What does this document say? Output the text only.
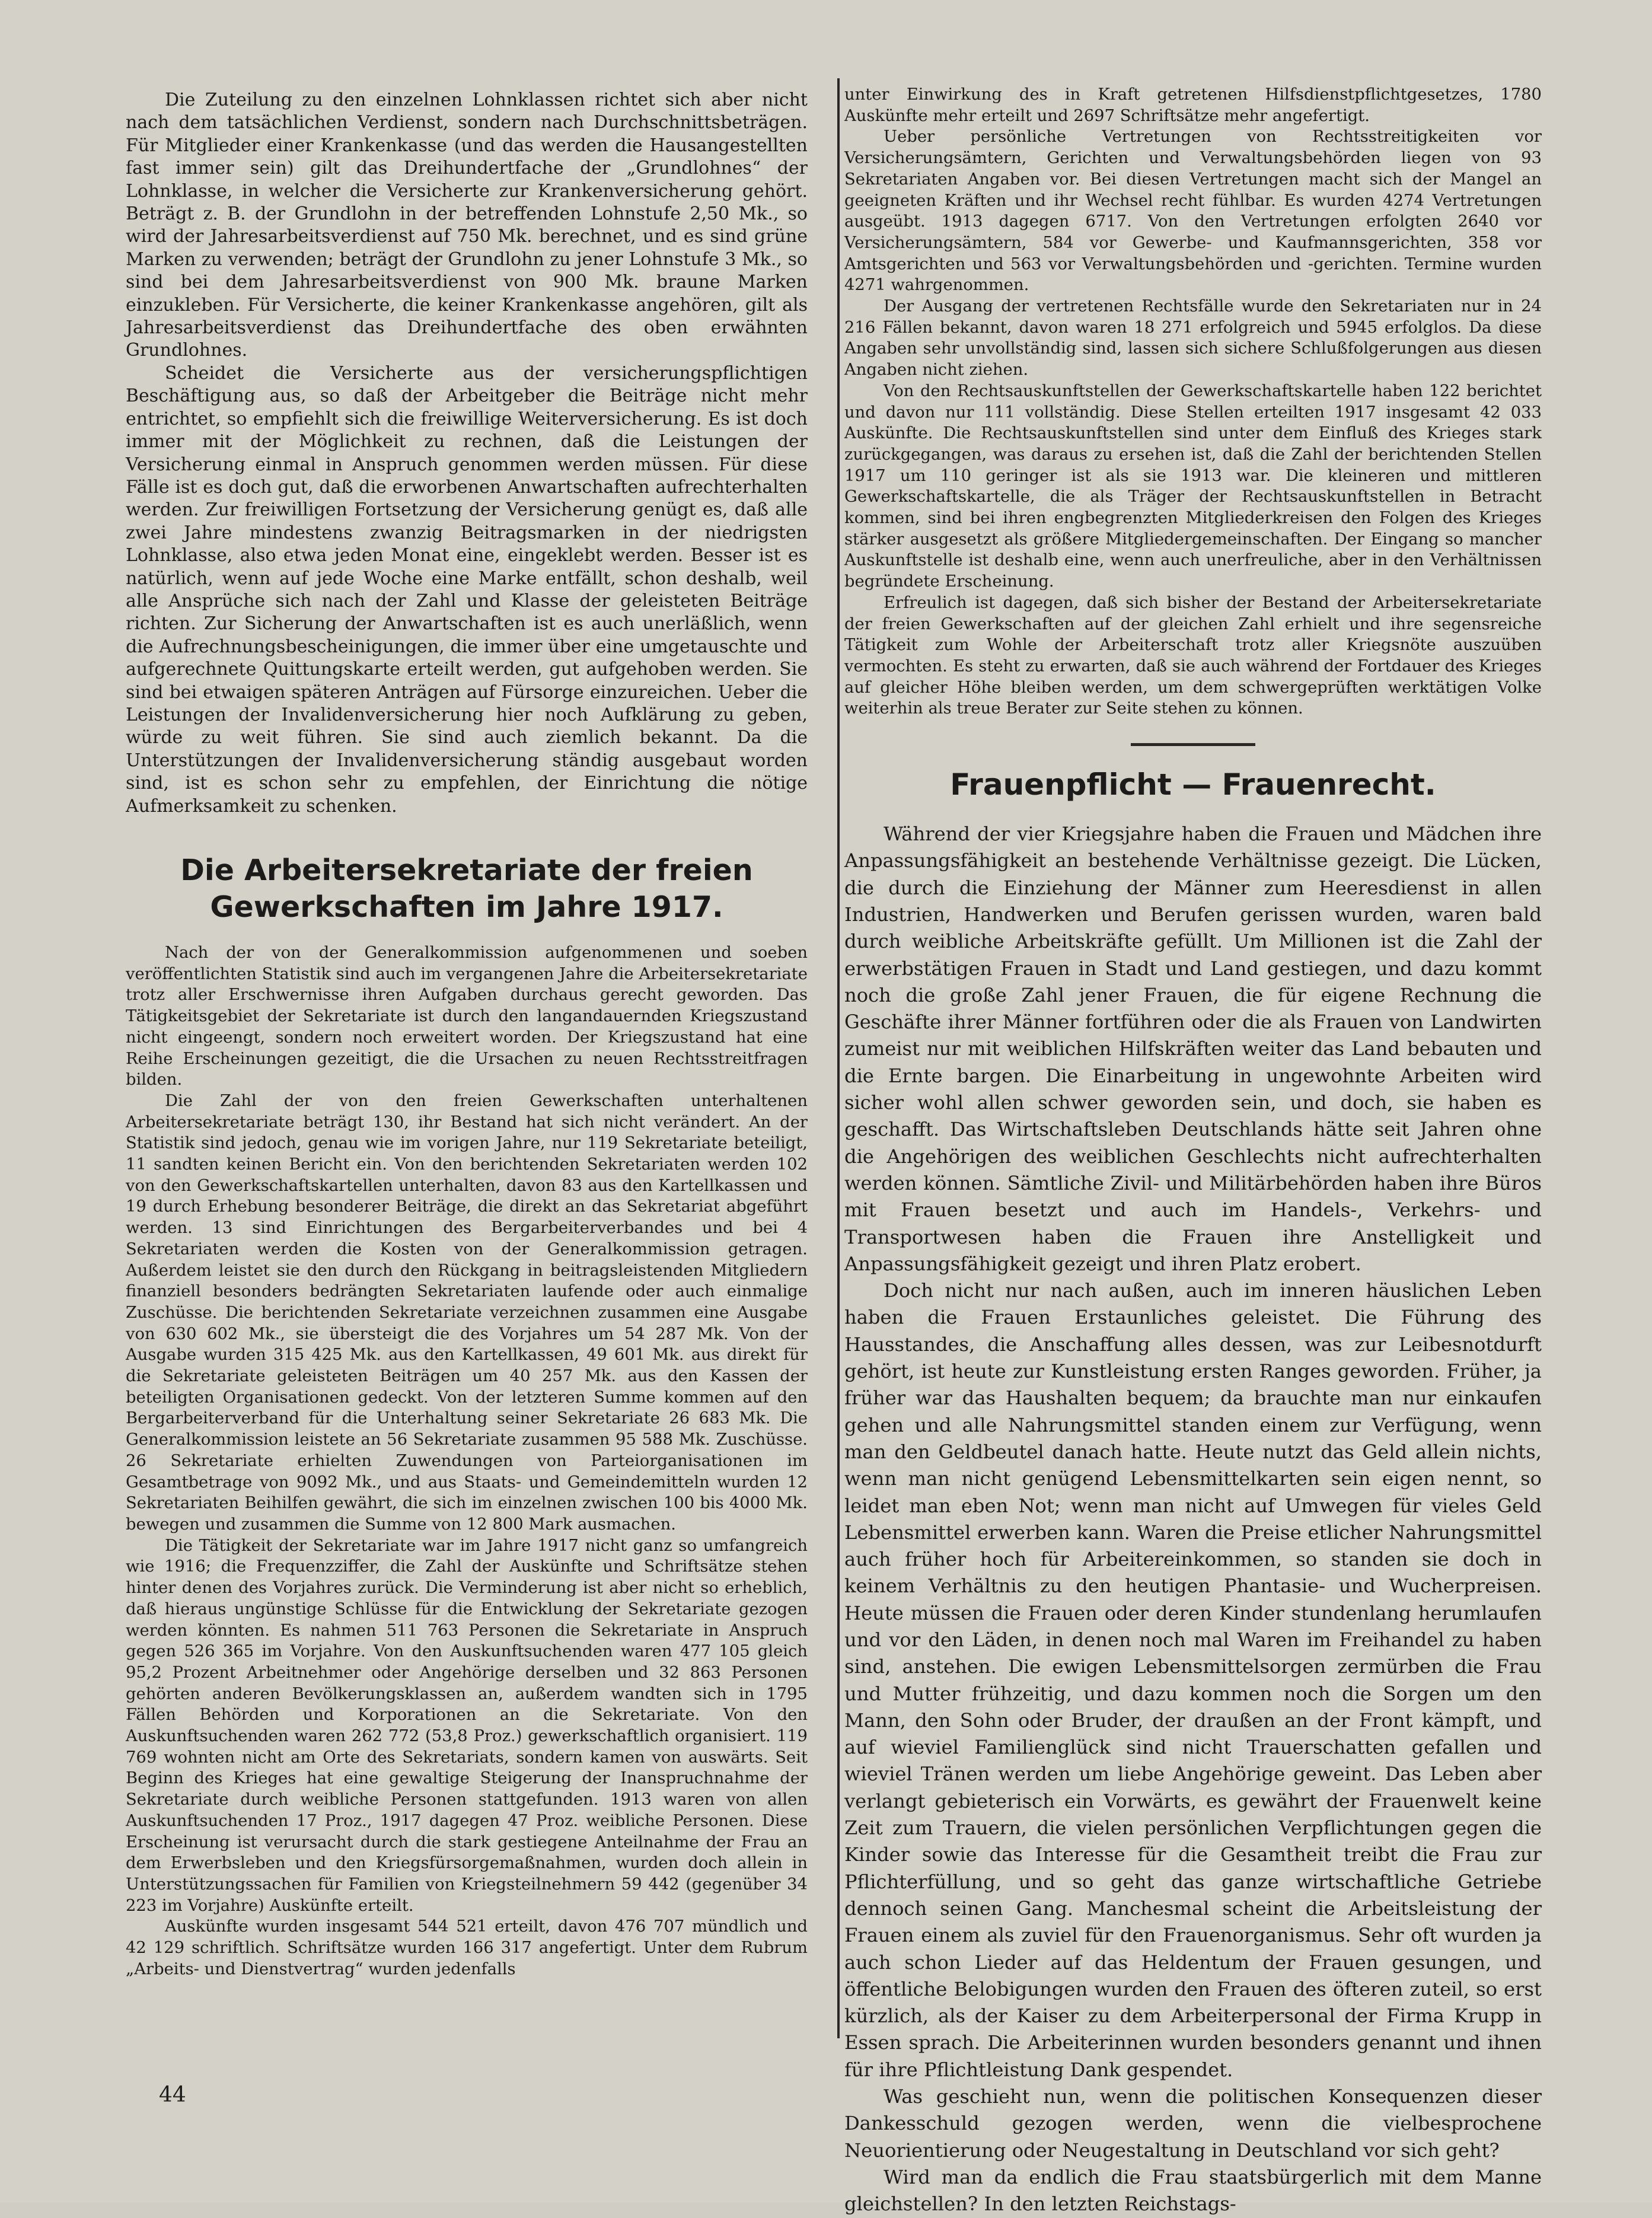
Die Zuteilung zu den einzelnen Lohnklassen richtet sich aber nicht nach dem tatsächlichen Verdienst, sondern nach Durchschnittsbeträgen. Für Mitglieder einer Krankenkasse (und das werden die Hausangestellten fast immer sein) gilt das Dreihundertfache der „Grundlohnes“ der Lohnklasse, in welcher die Versicherte zur Krankenversicherung gehört. Beträgt z. B. der Grundlohn in der betreffenden Lohnstufe 2,50 Mk., so wird der Jahresarbeitsverdienst auf 750 Mk. berechnet, und es sind grüne Marken zu verwenden; beträgt der Grundlohn zu jener Lohnstufe 3 Mk., so sind bei dem Jahresarbeitsverdienst von 900 Mk. braune Marken einzukleben. Für Versicherte, die keiner Krankenkasse angehören, gilt als Jahresarbeitsverdienst das Dreihundertfache des oben erwähnten Grundlohnes.

Scheidet die Versicherte aus der versicherungspflichtigen Beschäftigung aus, so daß der Arbeitgeber die Beiträge nicht mehr entrichtet, so empfiehlt sich die freiwillige Weiterversicherung. Es ist doch immer mit der Möglichkeit zu rechnen, daß die Leistungen der Versicherung einmal in Anspruch genommen werden müssen. Für diese Fälle ist es doch gut, daß die erworbenen Anwartschaften aufrechterhalten werden. Zur freiwilligen Fortsetzung der Versicherung genügt es, daß alle zwei Jahre mindestens zwanzig Beitragsmarken in der niedrigsten Lohnklasse, also etwa jeden Monat eine, eingeklebt werden. Besser ist es natürlich, wenn auf jede Woche eine Marke entfällt, schon deshalb, weil alle Ansprüche sich nach der Zahl und Klasse der geleisteten Beiträge richten. Zur Sicherung der Anwartschaften ist es auch unerläßlich, wenn die Aufrechnungsbescheinigungen, die immer über eine umgetauschte und aufgerechnete Quittungskarte erteilt werden, gut aufgehoben werden. Sie sind bei etwaigen späteren Anträgen auf Fürsorge einzureichen. Ueber die Leistungen der Invalidenversicherung hier noch Aufklärung zu geben, würde zu weit führen. Sie sind auch ziemlich bekannt. Da die Unterstützungen der Invalidenversicherung ständig ausgebaut worden sind, ist es schon sehr zu empfehlen, der Einrichtung die nötige Aufmerksamkeit zu schenken.

Die Arbeitersekretariate der freien Gewerkschaften im Jahre 1917.

Nach der von der Generalkommission aufgenommenen und soeben veröffentlichten Statistik sind auch im vergangenen Jahre die Arbeitersekretariate trotz aller Erschwernisse ihren Aufgaben durchaus gerecht geworden. Das Tätigkeitsgebiet der Sekretariate ist durch den langandauernden Kriegszustand nicht eingeengt, sondern noch erweitert worden. Der Kriegszustand hat eine Reihe Erscheinungen gezeitigt, die die Ursachen zu neuen Rechtsstreitfragen bilden.

Die Zahl der von den freien Gewerkschaften unterhaltenen Arbeitersekretariate beträgt 130, ihr Bestand hat sich nicht verändert. An der Statistik sind jedoch, genau wie im vorigen Jahre, nur 119 Sekretariate beteiligt, 11 sandten keinen Bericht ein. Von den berichtenden Sekretariaten werden 102 von den Gewerkschaftskartellen unterhalten, davon 83 aus den Kartellkassen und 19 durch Erhebung besonderer Beiträge, die direkt an das Sekretariat abgeführt werden. 13 sind Einrichtungen des Bergarbeiterverbandes und bei 4 Sekretariaten werden die Kosten von der Generalkommission getragen. Außerdem leistet sie den durch den Rückgang in beitragsleistenden Mitgliedern finanziell besonders bedrängten Sekretariaten laufende oder auch einmalige Zuschüsse. Die berichtenden Sekretariate verzeichnen zusammen eine Ausgabe von 630 602 Mk., sie übersteigt die des Vorjahres um 54 287 Mk. Von der Ausgabe wurden 315 425 Mk. aus den Kartellkassen, 49 601 Mk. aus direkt für die Sekretariate geleisteten Beiträgen um 40 257 Mk. aus den Kassen der beteiligten Organisationen gedeckt. Von der letzteren Summe kommen auf den Bergarbeiterverband für die Unterhaltung seiner Sekretariate 26 683 Mk. Die Generalkommission leistete an 56 Sekretariate zusammen 95 588 Mk. Zuschüsse. 26 Sekretariate erhielten Zuwendungen von Parteiorganisationen im Gesamtbetrage von 9092 Mk., und aus Staats- und Gemeindemitteln wurden 12 Sekretariaten Beihilfen gewährt, die sich im einzelnen zwischen 100 bis 4000 Mk. bewegen und zusammen die Summe von 12 800 Mark ausmachen.

Die Tätigkeit der Sekretariate war im Jahre 1917 nicht ganz so umfangreich wie 1916; die Frequenzziffer, die Zahl der Auskünfte und Schriftsätze stehen hinter denen des Vorjahres zurück. Die Verminderung ist aber nicht so erheblich, daß hieraus ungünstige Schlüsse für die Entwicklung der Sekretariate gezogen werden könnten. Es nahmen 511 763 Personen die Sekretariate in Anspruch gegen 526 365 im Vorjahre. Von den Auskunftsuchenden waren 477 105 gleich 95,2 Prozent Arbeitnehmer oder Angehörige derselben und 32 863 Personen gehörten anderen Bevölkerungsklassen an, außerdem wandten sich in 1795 Fällen Behörden und Korporationen an die Sekretariate. Von den Auskunftsuchenden waren 262 772 (53,8 Proz.) gewerkschaftlich organisiert. 119 769 wohnten nicht am Orte des Sekretariats, sondern kamen von auswärts. Seit Beginn des Krieges hat eine gewaltige Steigerung der Inanspruchnahme der Sekretariate durch weibliche Personen stattgefunden. 1913 waren von allen Auskunftsuchenden 17 Proz., 1917 dagegen 47 Proz. weibliche Personen. Diese Erscheinung ist verursacht durch die stark gestiegene Anteilnahme der Frau an dem Erwerbsleben und den Kriegsfürsorgemaßnahmen, wurden doch allein in Unterstützungssachen für Familien von Kriegsteilnehmern 59 442 (gegenüber 34 223 im Vorjahre) Auskünfte erteilt.

Auskünfte wurden insgesamt 544 521 erteilt, davon 476 707 mündlich und 42 129 schriftlich. Schriftsätze wurden 166 317 angefertigt. Unter dem Rubrum „Arbeits- und Dienstvertrag“ wurden jedenfalls

unter Einwirkung des in Kraft getretenen Hilfsdienstpflichtgesetzes, 1780 Auskünfte mehr erteilt und 2697 Schriftsätze mehr angefertigt.

Ueber persönliche Vertretungen von Rechtsstreitigkeiten vor Versicherungsämtern, Gerichten und Verwaltungsbehörden liegen von 93 Sekretariaten Angaben vor. Bei diesen Vertretungen macht sich der Mangel an geeigneten Kräften und ihr Wechsel recht fühlbar. Es wurden 4274 Vertretungen ausgeübt. 1913 dagegen 6717. Von den Vertretungen erfolgten 2640 vor Versicherungsämtern, 584 vor Gewerbe- und Kaufmannsgerichten, 358 vor Amtsgerichten und 563 vor Verwaltungsbehörden und -gerichten. Termine wurden 4271 wahrgenommen.

Der Ausgang der vertretenen Rechtsfälle wurde den Sekretariaten nur in 24 216 Fällen bekannt, davon waren 18 271 erfolgreich und 5945 erfolglos. Da diese Angaben sehr unvollständig sind, lassen sich sichere Schlußfolgerungen aus diesen Angaben nicht ziehen.

Von den Rechtsauskunftstellen der Gewerkschaftskartelle haben 122 berichtet und davon nur 111 vollständig. Diese Stellen erteilten 1917 insgesamt 42 033 Auskünfte. Die Rechtsauskunftstellen sind unter dem Einfluß des Krieges stark zurückgegangen, was daraus zu ersehen ist, daß die Zahl der berichtenden Stellen 1917 um 110 geringer ist als sie 1913 war. Die kleineren und mittleren Gewerkschaftskartelle, die als Träger der Rechtsauskunftstellen in Betracht kommen, sind bei ihren engbegrenzten Mitgliederkreisen den Folgen des Krieges stärker ausgesetzt als größere Mitgliedergemeinschaften. Der Eingang so mancher Auskunftstelle ist deshalb eine, wenn auch unerfreuliche, aber in den Verhältnissen begründete Erscheinung.

Erfreulich ist dagegen, daß sich bisher der Bestand der Arbeitersekretariate der freien Gewerkschaften auf der gleichen Zahl erhielt und ihre segensreiche Tätigkeit zum Wohle der Arbeiterschaft trotz aller Kriegsnöte auszuüben vermochten. Es steht zu erwarten, daß sie auch während der Fortdauer des Krieges auf gleicher Höhe bleiben werden, um dem schwergeprüften werktätigen Volke weiterhin als treue Berater zur Seite stehen zu können.

Frauenpflicht — Frauenrecht.

Während der vier Kriegsjahre haben die Frauen und Mädchen ihre Anpassungsfähigkeit an bestehende Verhältnisse gezeigt. Die Lücken, die durch die Einziehung der Männer zum Heeresdienst in allen Industrien, Handwerken und Berufen gerissen wurden, waren bald durch weibliche Arbeitskräfte gefüllt. Um Millionen ist die Zahl der erwerbstätigen Frauen in Stadt und Land gestiegen, und dazu kommt noch die große Zahl jener Frauen, die für eigene Rechnung die Geschäfte ihrer Männer fortführen oder die als Frauen von Landwirten zumeist nur mit weiblichen Hilfskräften weiter das Land bebauten und die Ernte bargen. Die Einarbeitung in ungewohnte Arbeiten wird sicher wohl allen schwer geworden sein, und doch, sie haben es geschafft. Das Wirtschaftsleben Deutschlands hätte seit Jahren ohne die Angehörigen des weiblichen Geschlechts nicht aufrechterhalten werden können. Sämtliche Zivil- und Militärbehörden haben ihre Büros mit Frauen besetzt und auch im Handels-, Verkehrs- und Transportwesen haben die Frauen ihre Anstelligkeit und Anpassungsfähigkeit gezeigt und ihren Platz erobert.

Doch nicht nur nach außen, auch im inneren häuslichen Leben haben die Frauen Erstaunliches geleistet. Die Führung des Hausstandes, die Anschaffung alles dessen, was zur Leibesnotdurft gehört, ist heute zur Kunstleistung ersten Ranges geworden. Früher, ja früher war das Haushalten bequem; da brauchte man nur einkaufen gehen und alle Nahrungsmittel standen einem zur Verfügung, wenn man den Geldbeutel danach hatte. Heute nutzt das Geld allein nichts, wenn man nicht genügend Lebensmittelkarten sein eigen nennt, so leidet man eben Not; wenn man nicht auf Umwegen für vieles Geld Lebensmittel erwerben kann. Waren die Preise etlicher Nahrungsmittel auch früher hoch für Arbeitereinkommen, so standen sie doch in keinem Verhältnis zu den heutigen Phantasie- und Wucherpreisen. Heute müssen die Frauen oder deren Kinder stundenlang herumlaufen und vor den Läden, in denen noch mal Waren im Freihandel zu haben sind, anstehen. Die ewigen Lebensmittelsorgen zermürben die Frau und Mutter frühzeitig, und dazu kommen noch die Sorgen um den Mann, den Sohn oder Bruder, der draußen an der Front kämpft, und auf wieviel Familienglück sind nicht Trauerschatten gefallen und wieviel Tränen werden um liebe Angehörige geweint. Das Leben aber verlangt gebieterisch ein Vorwärts, es gewährt der Frauenwelt keine Zeit zum Trauern, die vielen persönlichen Verpflichtungen gegen die Kinder sowie das Interesse für die Gesamtheit treibt die Frau zur Pflichterfüllung, und so geht das ganze wirtschaftliche Getriebe dennoch seinen Gang. Manchesmal scheint die Arbeitsleistung der Frauen einem als zuviel für den Frauenorganismus. Sehr oft wurden ja auch schon Lieder auf das Heldentum der Frauen gesungen, und öffentliche Belobigungen wurden den Frauen des öfteren zuteil, so erst kürzlich, als der Kaiser zu dem Arbeiterpersonal der Firma Krupp in Essen sprach. Die Arbeiterinnen wurden besonders genannt und ihnen für ihre Pflichtleistung Dank gespendet.

Was geschieht nun, wenn die politischen Konsequenzen dieser Dankesschuld gezogen werden, wenn die vielbesprochene Neuorientierung oder Neugestaltung in Deutschland vor sich geht?

Wird man da endlich die Frau staatsbürgerlich mit dem Manne gleichstellen? In den letzten Reichstags-

44
